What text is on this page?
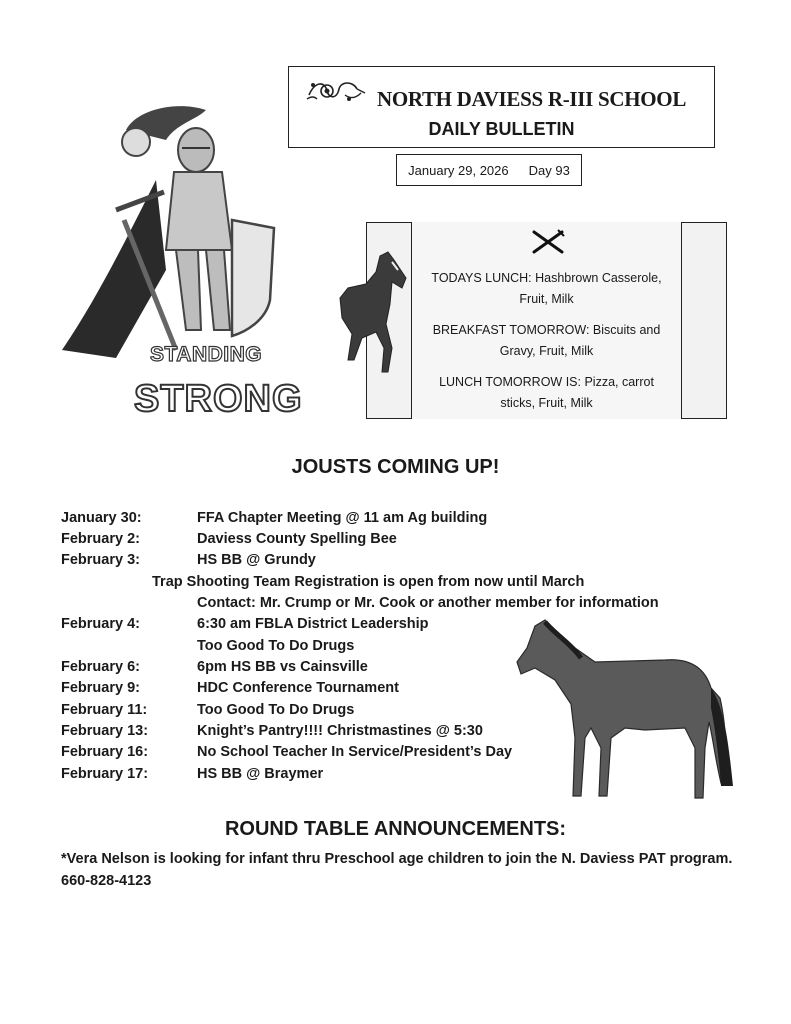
NORTH DAVIESS R-III SCHOOL
DAILY BULLETIN
January 29, 2026 Day 93
STANDING
STRONG
TODAYS LUNCH: Hashbrown Casserole,
Fruit, Milk
BREAKFAST TOMORROW: Biscuits and
Gravy, Fruit, Milk
LUNCH TOMORROW IS: Pizza, carrot
sticks, Fruit, Milk
JOUSTS COMING UP!
January 30:	FFA Chapter Meeting @ 11 am Ag building
February 2:	Daviess County Spelling Bee
February 3:	HS BB @ Grundy
Trap Shooting Team Registration is open from now until March
Contact: Mr. Crump or Mr. Cook or another member for information
February 4:	6:30 am FBLA District Leadership
Too Good To Do Drugs
February 6:	6pm HS BB vs Cainsville
February 9:	HDC Conference Tournament
February 11:	Too Good To Do Drugs
February 13:	Knight’s Pantry!!!! Christmastines @ 5:30
February 16:	No School Teacher In Service/President’s Day
February 17:	HS BB @ Braymer
ROUND TABLE ANNOUNCEMENTS:
*Vera Nelson is looking for infant thru Preschool age children to join the N. Daviess PAT program. 660-828-4123
